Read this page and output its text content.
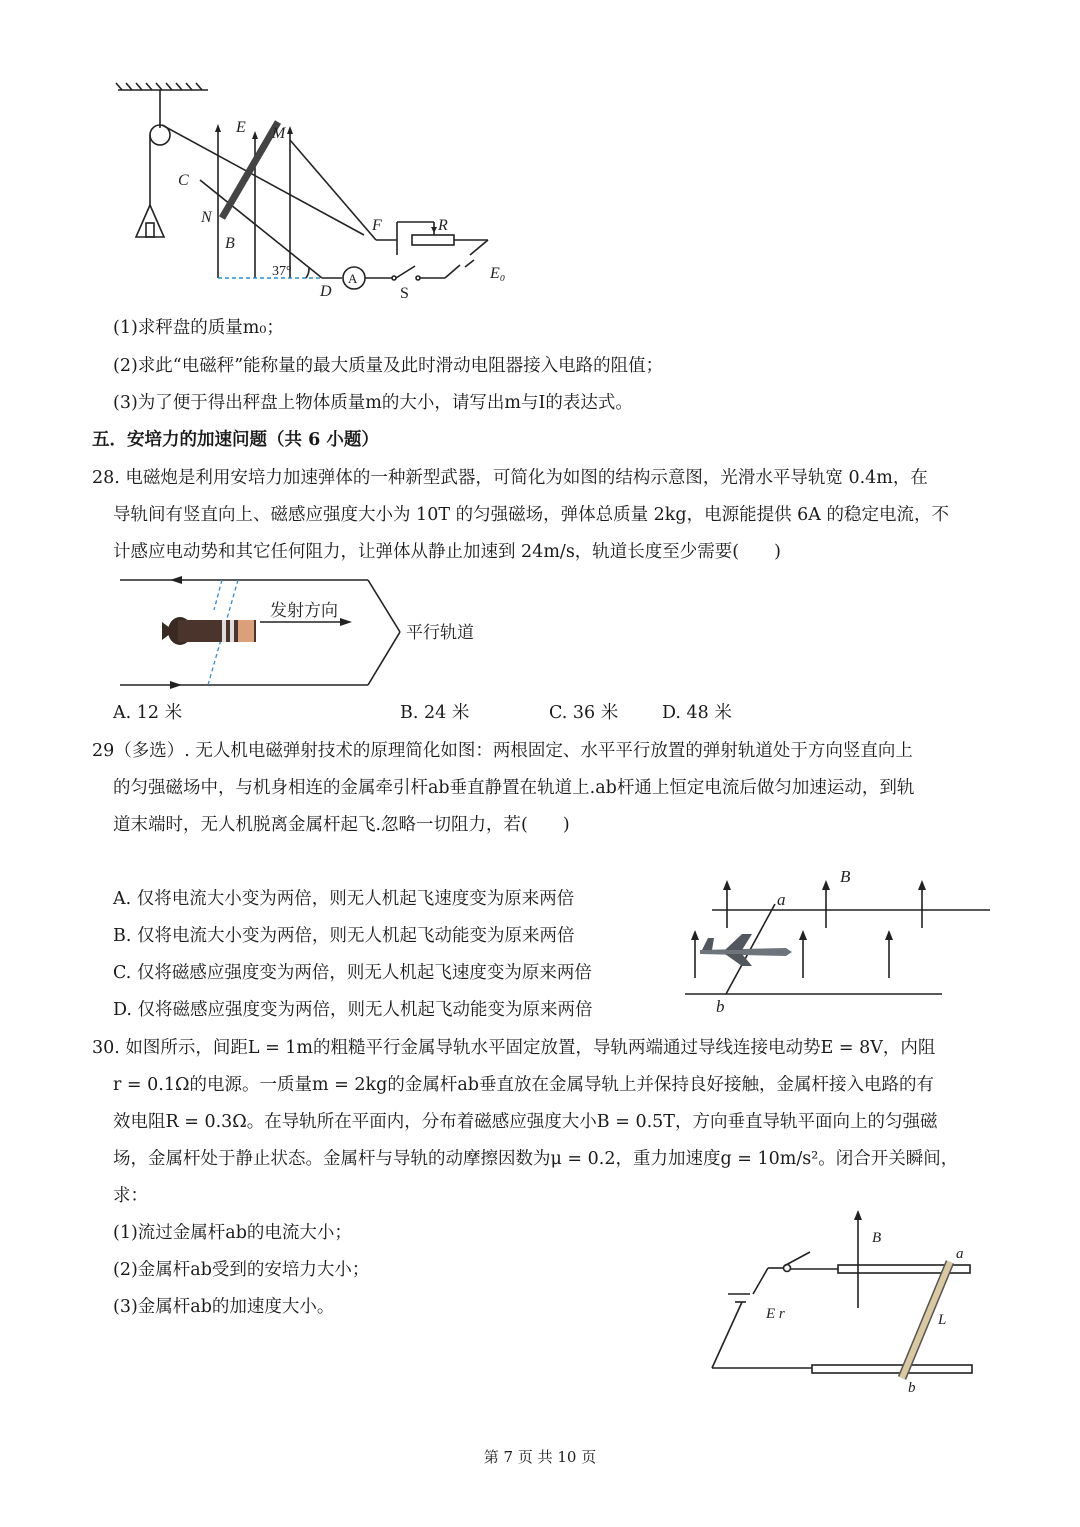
E M
C
N
B
F	R
D	S
A	E₀
37°
(1)求秤盘的质量m₀；
(2)求此“电磁秤”能称量的最大质量及此时滑动电阻器接入电路的阻值；
(3)为了便于得出秤盘上物体质量m的大小，请写出m与I的表达式。
五．安培力的加速问题（共 6 小题）
28. 电磁炮是利用安培力加速弹体的一种新型武器，可简化为如图的结构示意图，光滑水平导轨宽 0.4m，在
导轨间有竖直向上、磁感应强度大小为 10T 的匀强磁场，弹体总质量 2kg，电源能提供 6A 的稳定电流，不
计感应电动势和其它任何阻力，让弹体从静止加速到 24m/s，轨道长度至少需要(　　)
发射方向
平行轨道
A. 12 米	B. 24 米	C. 36 米	D. 48 米
29（多选）. 无人机电磁弹射技术的原理简化如图：两根固定、水平平行放置的弹射轨道处于方向竖直向上
的匀强磁场中，与机身相连的金属牵引杆ab垂直静置在轨道上.ab杆通上恒定电流后做匀加速运动，到轨
道末端时，无人机脱离金属杆起飞.忽略一切阻力，若(　　)
A. 仅将电流大小变为两倍，则无人机起飞速度变为原来两倍
B. 仅将电流大小变为两倍，则无人机起飞动能变为原来两倍
C. 仅将磁感应强度变为两倍，则无人机起飞速度变为原来两倍
D. 仅将磁感应强度变为两倍，则无人机起飞动能变为原来两倍
B
a
b
30. 如图所示，间距L = 1m的粗糙平行金属导轨水平固定放置，导轨两端通过导线连接电动势E = 8V，内阻
r = 0.1Ω的电源。一质量m = 2kg的金属杆ab垂直放在金属导轨上并保持良好接触，金属杆接入电路的有
效电阻R = 0.3Ω。在导轨所在平面内，分布着磁感应强度大小B = 0.5T，方向垂直导轨平面向上的匀强磁
场，金属杆处于静止状态。金属杆与导轨的动摩擦因数为μ = 0.2，重力加速度g = 10m/s²。闭合开关瞬间，
求：
(1)流过金属杆ab的电流大小；
(2)金属杆ab受到的安培力大小；
(3)金属杆ab的加速度大小。
B
a
b
L
E r
第 7 页 共 10 页
